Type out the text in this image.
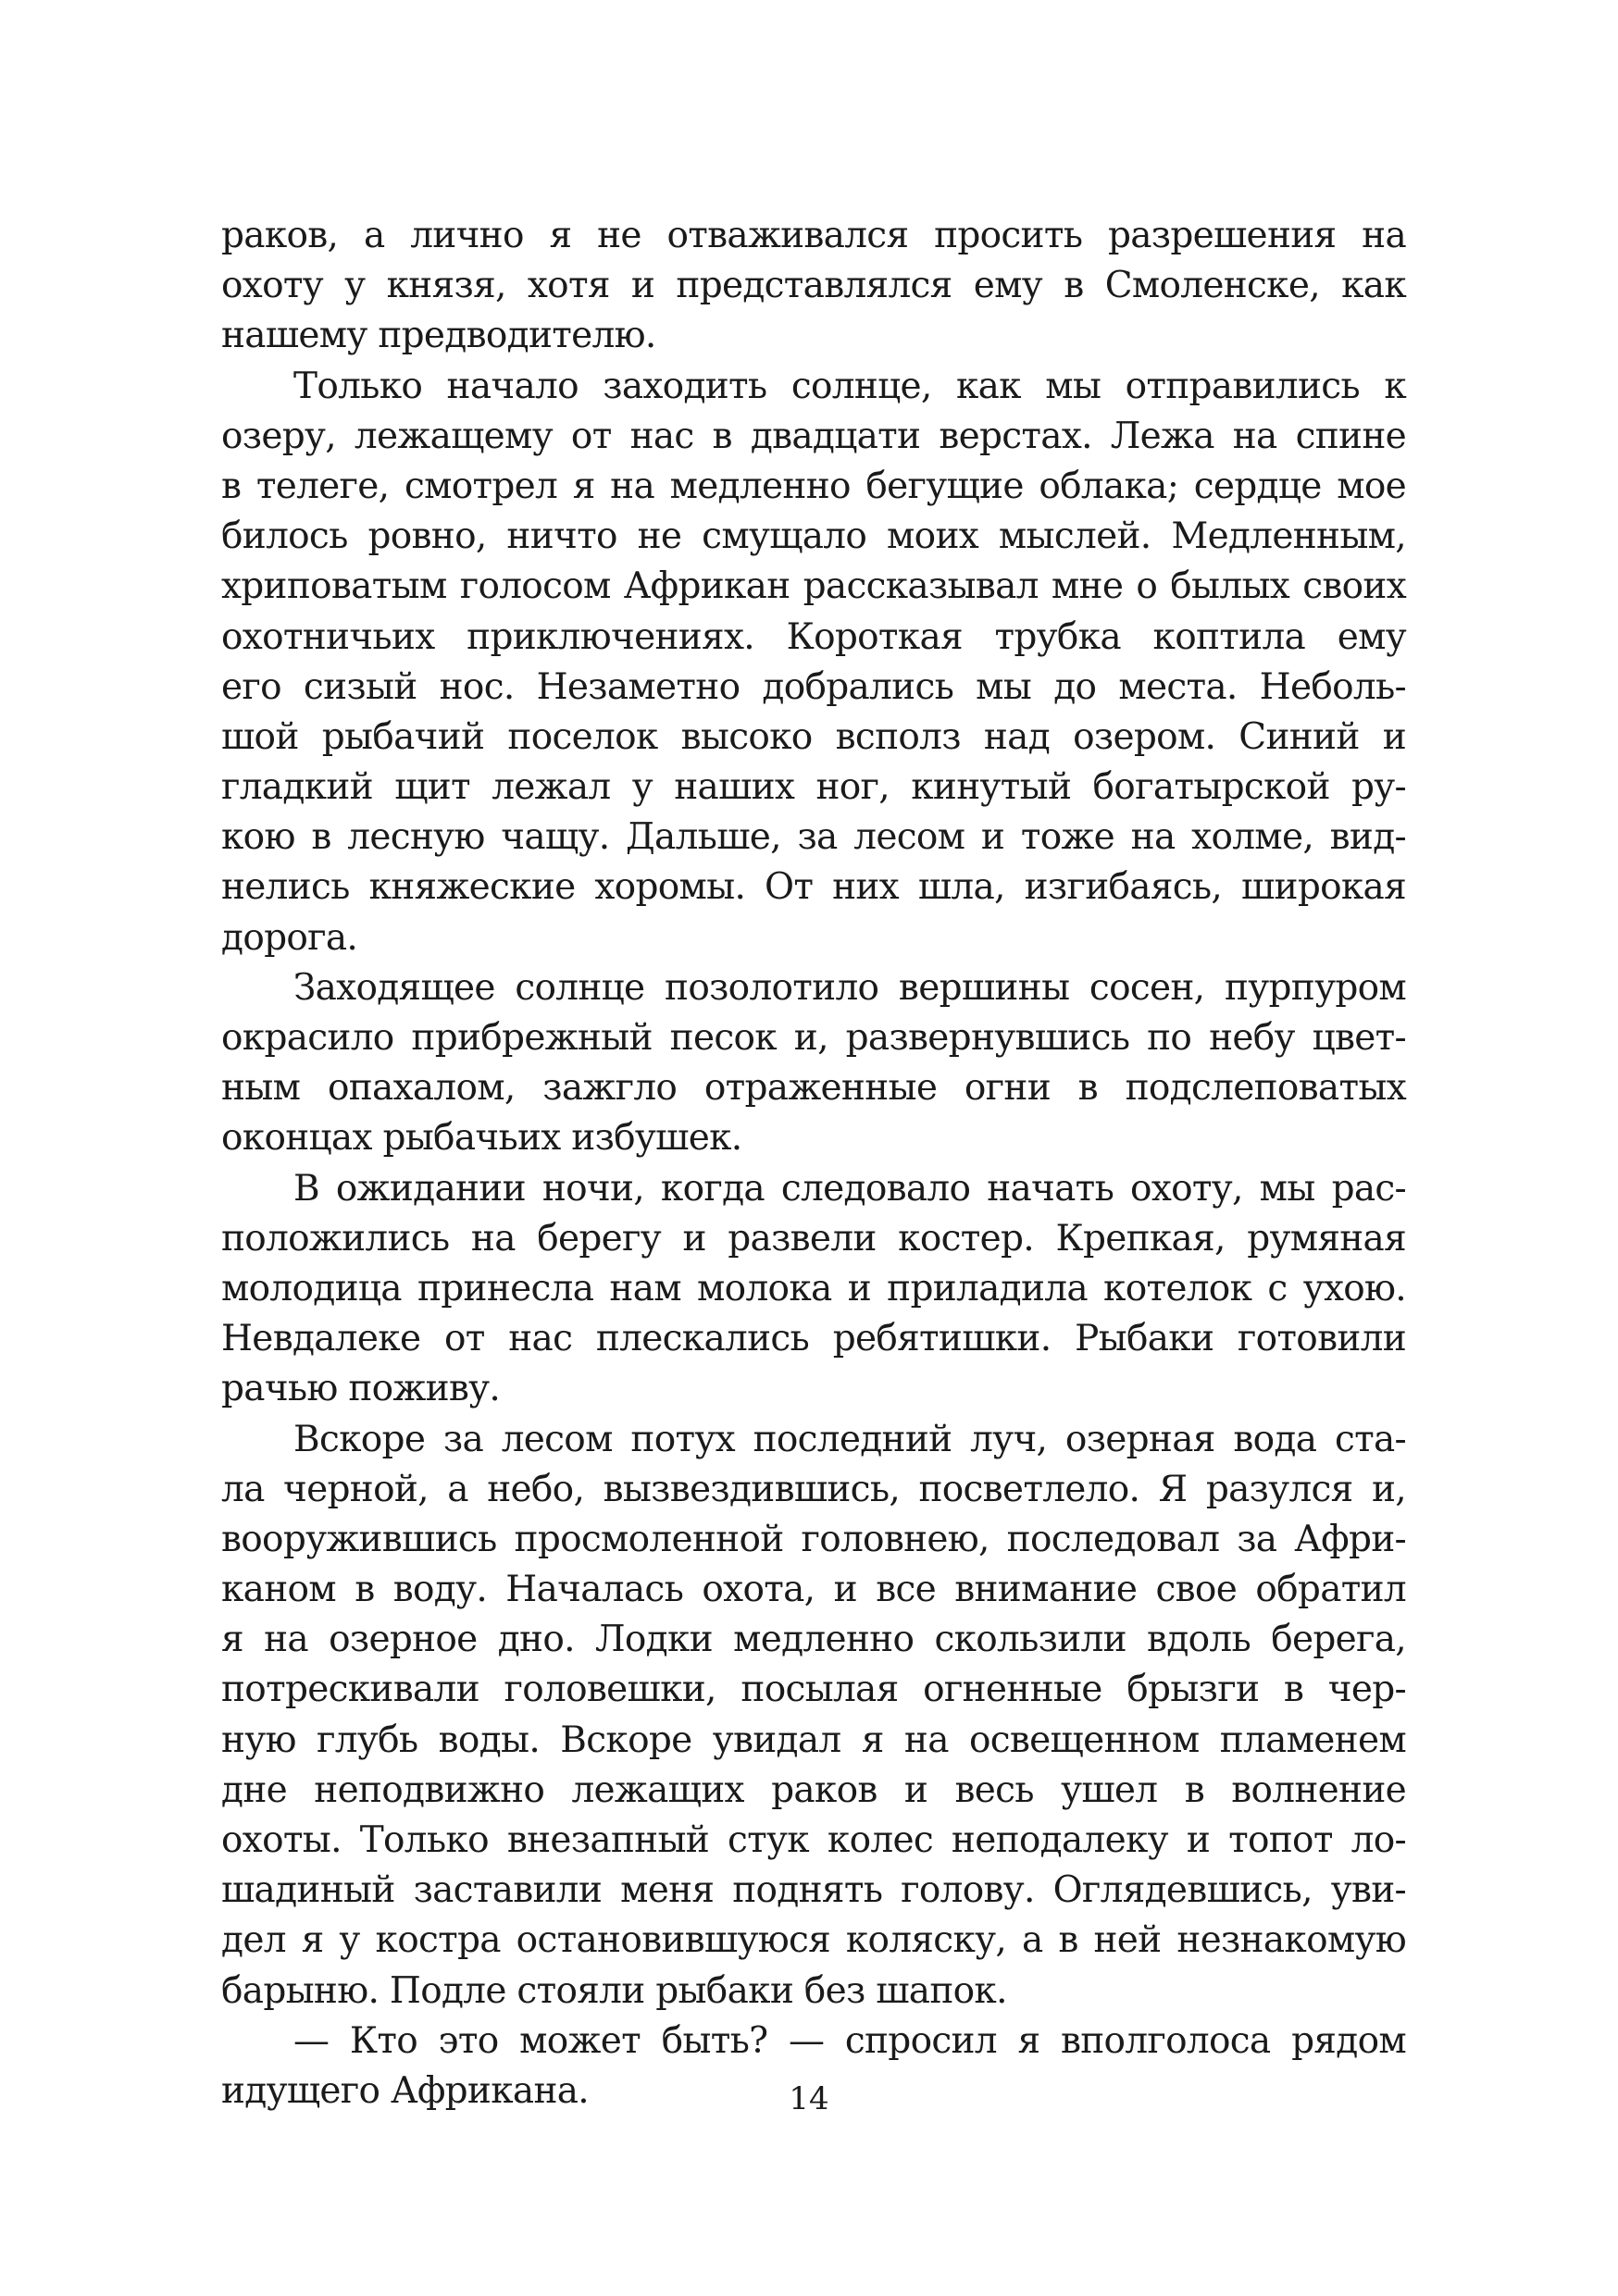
раков, а лично я не отваживался просить разрешения на
охоту у князя, хотя и представлялся ему в Смоленске, как
нашему предводителю.
Только начало заходить солнце, как мы отправились к
озеру, лежащему от нас в двадцати верстах. Лежа на спине
в телеге, смотрел я на медленно бегущие облака; сердце мое
билось ровно, ничто не смущало моих мыслей. Медленным,
хриповатым голосом Африкан рассказывал мне о былых своих
охотничьих приключениях. Короткая трубка коптила ему
его сизый нос. Незаметно добрались мы до места. Неболь-
шой рыбачий поселок высоко всполз над озером. Синий и
гладкий щит лежал у наших ног, кинутый богатырской ру-
кою в лесную чащу. Дальше, за лесом и тоже на холме, вид-
нелись княжеские хоромы. От них шла, изгибаясь, широкая
дорога.
Заходящее солнце позолотило вершины сосен, пурпуром
окрасило прибрежный песок и, развернувшись по небу цвет-
ным опахалом, зажгло отраженные огни в подслеповатых
оконцах рыбачьих избушек.
В ожидании ночи, когда следовало начать охоту, мы рас-
положились на берегу и развели костер. Крепкая, румяная
молодица принесла нам молока и приладила котелок с ухою.
Невдалеке от нас плескались ребятишки. Рыбаки готовили
рачью поживу.
Вскоре за лесом потух последний луч, озерная вода ста-
ла черной, а небо, вызвездившись, посветлело. Я разулся и,
вооружившись просмоленной головнею, последовал за Афри-
каном в воду. Началась охота, и все внимание свое обратил
я на озерное дно. Лодки медленно скользили вдоль берега,
потрескивали головешки, посылая огненные брызги в чер-
ную глубь воды. Вскоре увидал я на освещенном пламенем
дне неподвижно лежащих раков и весь ушел в волнение
охоты. Только внезапный стук колес неподалеку и топот ло-
шадиный заставили меня поднять голову. Оглядевшись, уви-
дел я у костра остановившуюся коляску, а в ней незнакомую
барыню. Подле стояли рыбаки без шапок.
— Кто это может быть? — спросил я вполголоса рядом
идущего Африкана.	14
